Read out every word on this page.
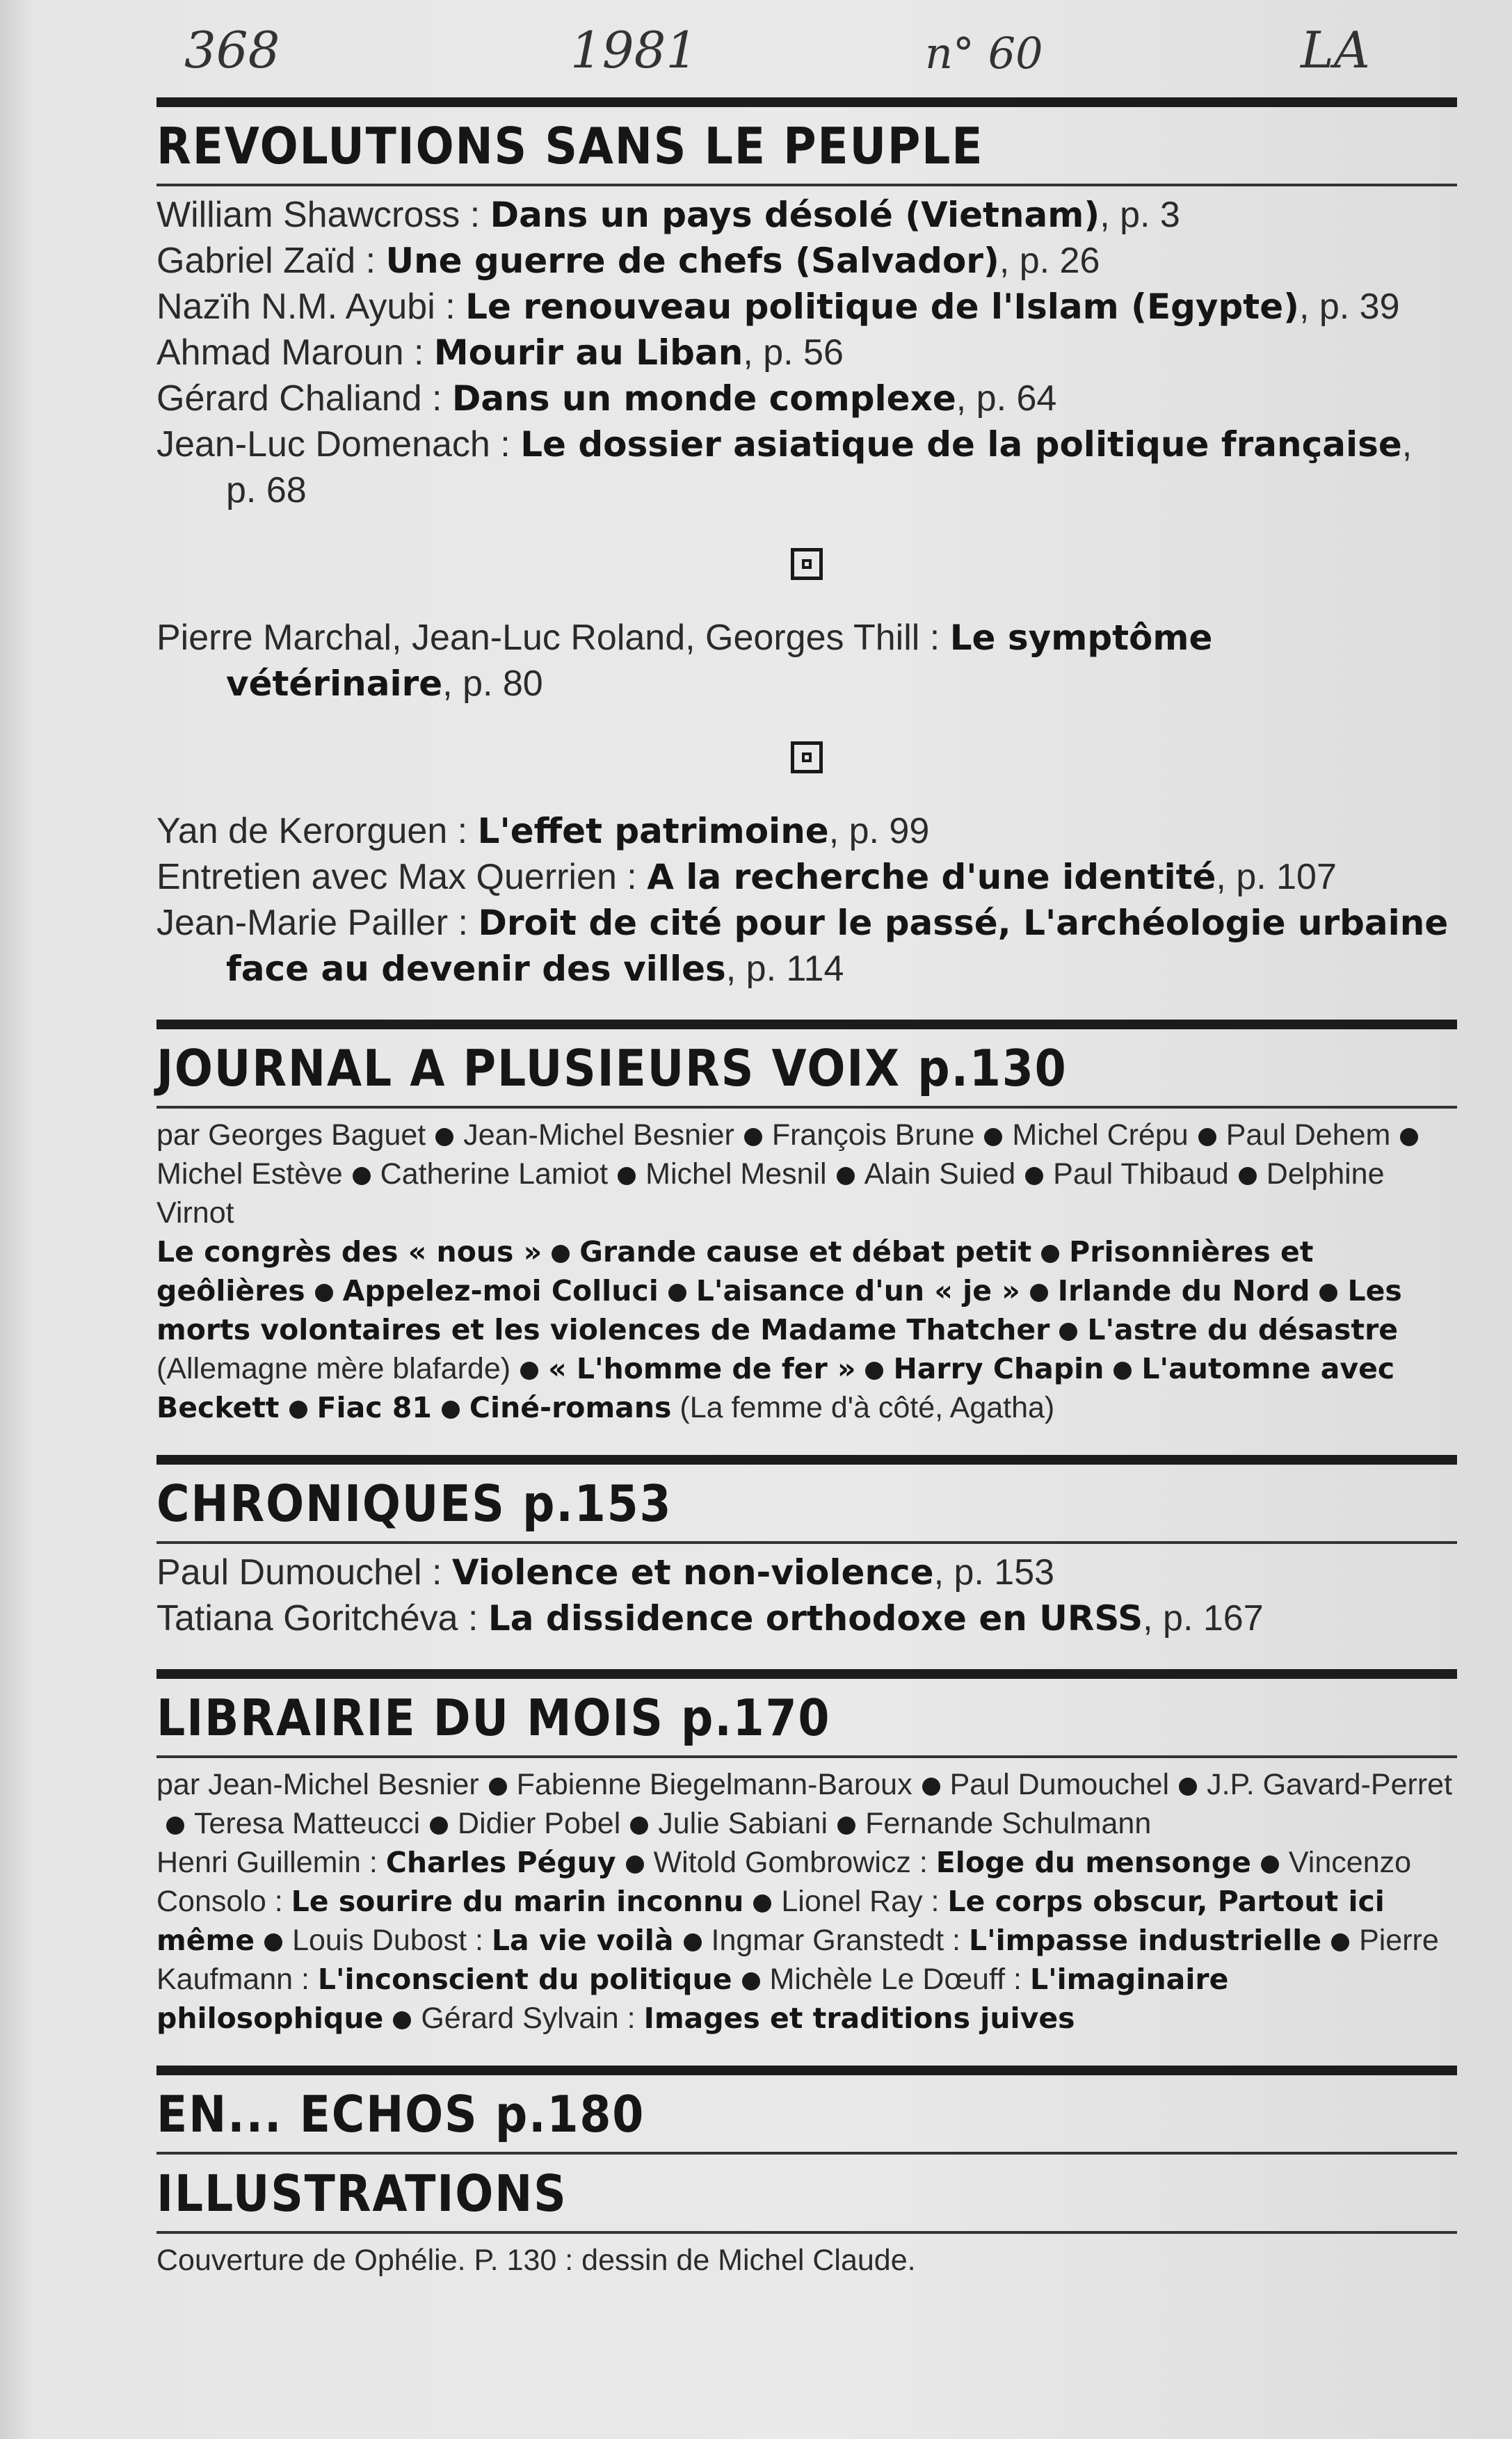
368	1981	n° 60	LA
REVOLUTIONS SANS LE PEUPLE
William Shawcross : Dans un pays désolé (Vietnam), p. 3
Gabriel Zaïd : Une guerre de chefs (Salvador), p. 26
Nazïh N.M. Ayubi : Le renouveau politique de l'Islam (Egypte), p. 39
Ahmad Maroun : Mourir au Liban, p. 56
Gérard Chaliand : Dans un monde complexe, p. 64
Jean-Luc Domenach : Le dossier asiatique de la politique française,
p. 68
Pierre Marchal, Jean-Luc Roland, Georges Thill : Le symptôme
vétérinaire, p. 80
Yan de Kerorguen : L'effet patrimoine, p. 99
Entretien avec Max Querrien : A la recherche d'une identité, p. 107
Jean-Marie Pailler : Droit de cité pour le passé, L'archéologie urbaine
face au devenir des villes, p. 114
JOURNAL A PLUSIEURS VOIX p.130
par Georges Baguet Jean-Michel Besnier François Brune Michel Crépu Paul DehemMichel Estève Catherine Lamiot Michel Mesnil Alain Suied Paul Thibaud Delphine Virnot
Le congrès des « nous » Grande cause et débat petit Prisonnières et geôlières Appelez-moi Colluci L'aisance d'un « je » Irlande du Nord Les morts volontaires et les violences de Madame Thatcher L'astre du désastre (Allemagne mère blafarde) « L'homme de fer » Harry Chapin L'automne avec Beckett Fiac 81 Ciné-romans (La femme d'à côté, Agatha)
CHRONIQUES p.153
Paul Dumouchel : Violence et non-violence, p. 153
Tatiana Goritchéva : La dissidence orthodoxe en URSS, p. 167
LIBRAIRIE DU MOIS p.170
par Jean-Michel Besnier Fabienne Biegelmann-Baroux Paul Dumouchel J.P. Gavard-PerretTeresa Matteucci Didier Pobel Julie Sabiani Fernande Schulmann
Henri Guillemin : Charles Péguy Witold Gombrowicz : Eloge du mensonge Vincenzo Consolo : Le sourire du marin inconnu Lionel Ray : Le corps obscur, Partout ici même Louis Dubost : La vie voilà Ingmar Granstedt : L'impasse industrielle Pierre Kaufmann : L'inconscient du politique Michèle Le Dœuff : L'imaginaire philosophique Gérard Sylvain : Images et traditions juives
EN... ECHOS p.180
ILLUSTRATIONS
Couverture de Ophélie. P. 130 : dessin de Michel Claude.
